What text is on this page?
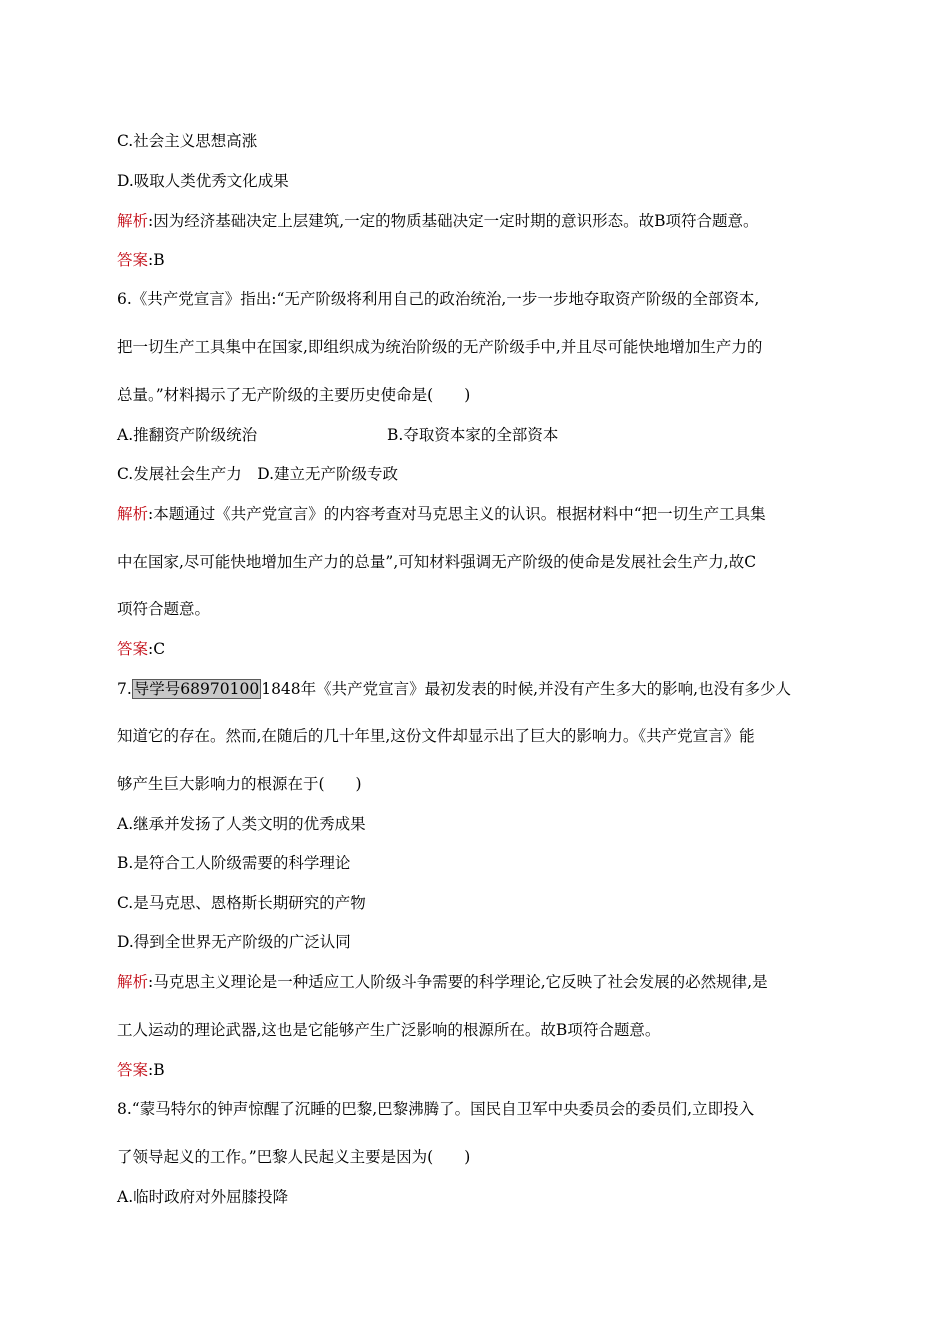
C.社会主义思想高涨
D.吸取人类优秀文化成果
解析:因为经济基础决定上层建筑,一定的物质基础决定一定时期的意识形态。故B项符合题意。
答案:B
6.《共产党宣言》指出:“无产阶级将利用自己的政治统治,一步一步地夺取资产阶级的全部资本,
把一切生产工具集中在国家,即组织成为统治阶级的无产阶级手中,并且尽可能快地增加生产力的
总量。”材料揭示了无产阶级的主要历史使命是(　　)
A.推翻资产阶级统治	B.夺取资本家的全部资本
C.发展社会生产力　D.建立无产阶级专政
解析:本题通过《共产党宣言》的内容考查对马克思主义的认识。根据材料中“把一切生产工具集
中在国家,尽可能快地增加生产力的总量”,可知材料强调无产阶级的使命是发展社会生产力,故C
项符合题意。
答案:C
7. 导学号68970100 1848年《共产党宣言》最初发表的时候,并没有产生多大的影响,也没有多少人
知道它的存在。然而,在随后的几十年里,这份文件却显示出了巨大的影响力。《共产党宣言》能
够产生巨大影响力的根源在于(　　)
A.继承并发扬了人类文明的优秀成果
B.是符合工人阶级需要的科学理论
C.是马克思、恩格斯长期研究的产物
D.得到全世界无产阶级的广泛认同
解析:马克思主义理论是一种适应工人阶级斗争需要的科学理论,它反映了社会发展的必然规律,是
工人运动的理论武器,这也是它能够产生广泛影响的根源所在。故B项符合题意。
答案:B
8.“蒙马特尔的钟声惊醒了沉睡的巴黎,巴黎沸腾了。国民自卫军中央委员会的委员们,立即投入
了领导起义的工作。”巴黎人民起义主要是因为(　　)
A.临时政府对外屈膝投降
